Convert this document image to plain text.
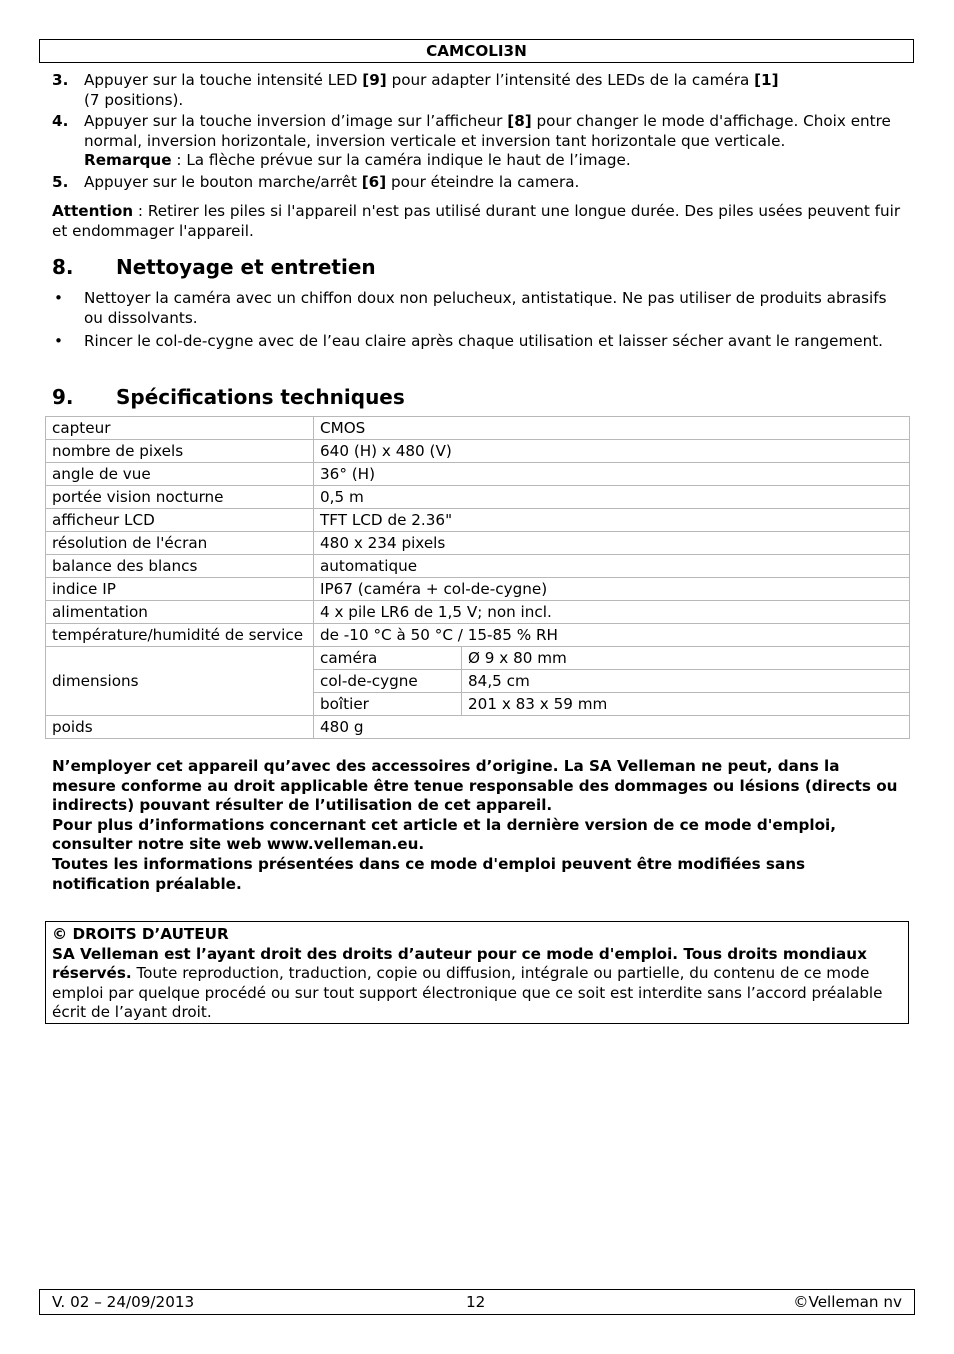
CAMCOLI3N
3. Appuyer sur la touche intensité LED [9] pour adapter l’intensité des LEDs de la caméra [1]
(7 positions).
4. Appuyer sur la touche inversion d’image sur l’afficheur [8] pour changer le mode d'affichage. Choix entre normal, inversion horizontale, inversion verticale et inversion tant horizontale que verticale.
Remarque : La flèche prévue sur la caméra indique le haut de l’image.
5. Appuyer sur le bouton marche/arrêt [6] pour éteindre la camera.
Attention : Retirer les piles si l'appareil n'est pas utilisé durant une longue durée. Des piles usées peuvent fuir et endommager l'appareil.
8. Nettoyage et entretien
• Nettoyer la caméra avec un chiffon doux non pelucheux, antistatique. Ne pas utiliser de produits abrasifs ou dissolvants.
• Rincer le col-de-cygne avec de l’eau claire après chaque utilisation et laisser sécher avant le rangement.
9. Spécifications techniques
capteur	CMOS	
nombre de pixels	640 (H) x 480 (V)	
angle de vue	36° (H)	
portée vision nocturne	0,5 m	
afficheur LCD	TFT LCD de 2.36"	
résolution de l'écran	480 x 234 pixels	
balance des blancs	automatique	
indice IP	IP67 (caméra + col-de-cygne)	
alimentation	4 x pile LR6 de 1,5 V; non incl.	
température/humidité de service	de -10 °C à 50 °C / 15-85 % RH	
dimensions	caméra	Ø 9 x 80 mm
	col-de-cygne	84,5 cm
	boîtier	201 x 83 x 59 mm
poids	480 g	
N’employer cet appareil qu’avec des accessoires d’origine. La SA Velleman ne peut, dans la mesure conforme au droit applicable être tenue responsable des dommages ou lésions (directs ou indirects) pouvant résulter de l’utilisation de cet appareil.
Pour plus d’informations concernant cet article et la dernière version de ce mode d'emploi, consulter notre site web www.velleman.eu.
Toutes les informations présentées dans ce mode d'emploi peuvent être modifiées sans notification préalable.
© DROITS D’AUTEUR
SA Velleman est l’ayant droit des droits d’auteur pour ce mode d'emploi. Tous droits mondiaux réservés. Toute reproduction, traduction, copie ou diffusion, intégrale ou partielle, du contenu de ce mode emploi par quelque procédé ou sur tout support électronique que ce soit est interdite sans l’accord préalable écrit de l’ayant droit.
V. 02 – 24/09/2013	12	©Velleman nv
